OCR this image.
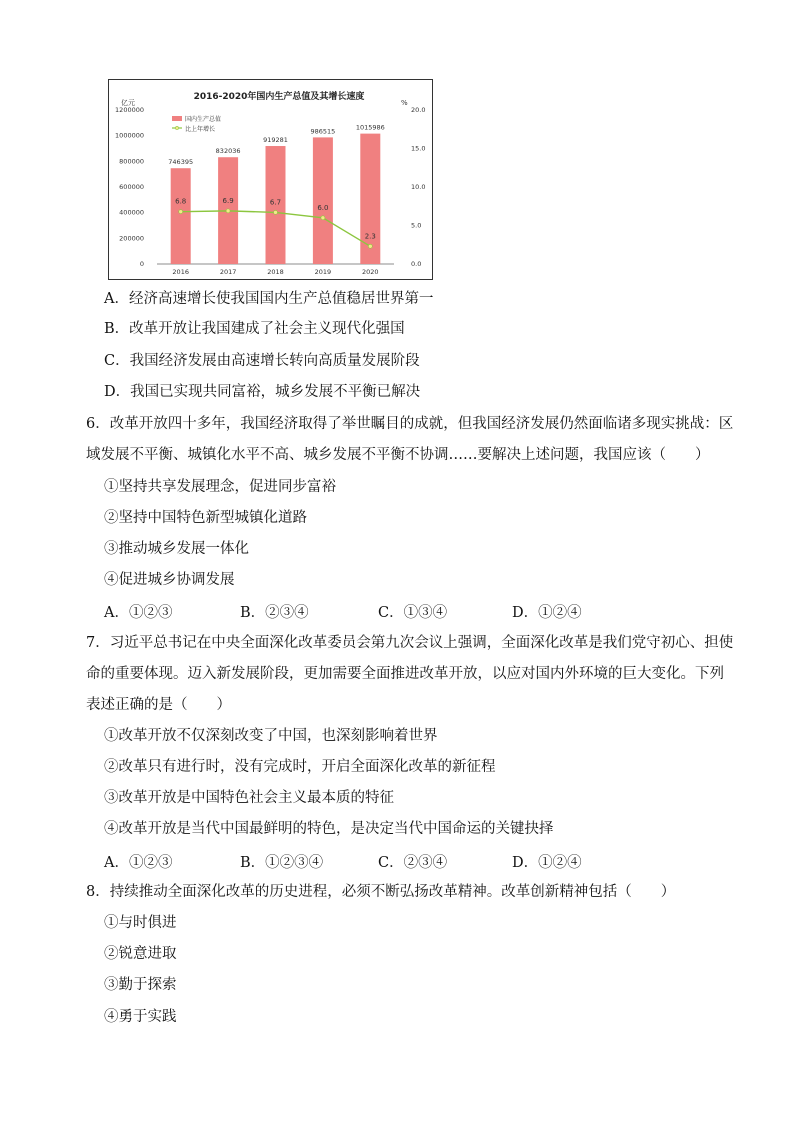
2016-2020年国内生产总值及其增长速度
亿元	%
0
200000
400000
600000
800000
1000000
1200000
0.0
5.0
10.0
15.0
20.0
746395
2016
832036
2017
919281
2018
986515
2019
1015986
2020
6.8	6.9	6.7
6.0
2.3
国内生产总值
比上年增长
A．经济高速增长使我国国内生产总值稳居世界第一
B．改革开放让我国建成了社会主义现代化强国
C．我国经济发展由高速增长转向高质量发展阶段
D．我国已实现共同富裕，城乡发展不平衡已解决
6．改革开放四十多年，我国经济取得了举世瞩目的成就，但我国经济发展仍然面临诸多现实挑战：区
域发展不平衡、城镇化水平不高、城乡发展不平衡不协调……要解决上述问题，我国应该（　　）
①坚持共享发展理念，促进同步富裕
②坚持中国特色新型城镇化道路
③推动城乡发展一体化
④促进城乡协调发展
A．①②③	B．②③④	C．①③④	D．①②④
7．习近平总书记在中央全面深化改革委员会第九次会议上强调，全面深化改革是我们党守初心、担使
命的重要体现。迈入新发展阶段，更加需要全面推进改革开放，以应对国内外环境的巨大变化。下列
表述正确的是（　　）
①改革开放不仅深刻改变了中国，也深刻影响着世界
②改革只有进行时，没有完成时，开启全面深化改革的新征程
③改革开放是中国特色社会主义最本质的特征
④改革开放是当代中国最鲜明的特色，是决定当代中国命运的关键抉择
A．①②③	B．①②③④	C．②③④	D．①②④
8．持续推动全面深化改革的历史进程，必须不断弘扬改革精神。改革创新精神包括（　　）
①与时俱进
②锐意进取
③勤于探索
④勇于实践
